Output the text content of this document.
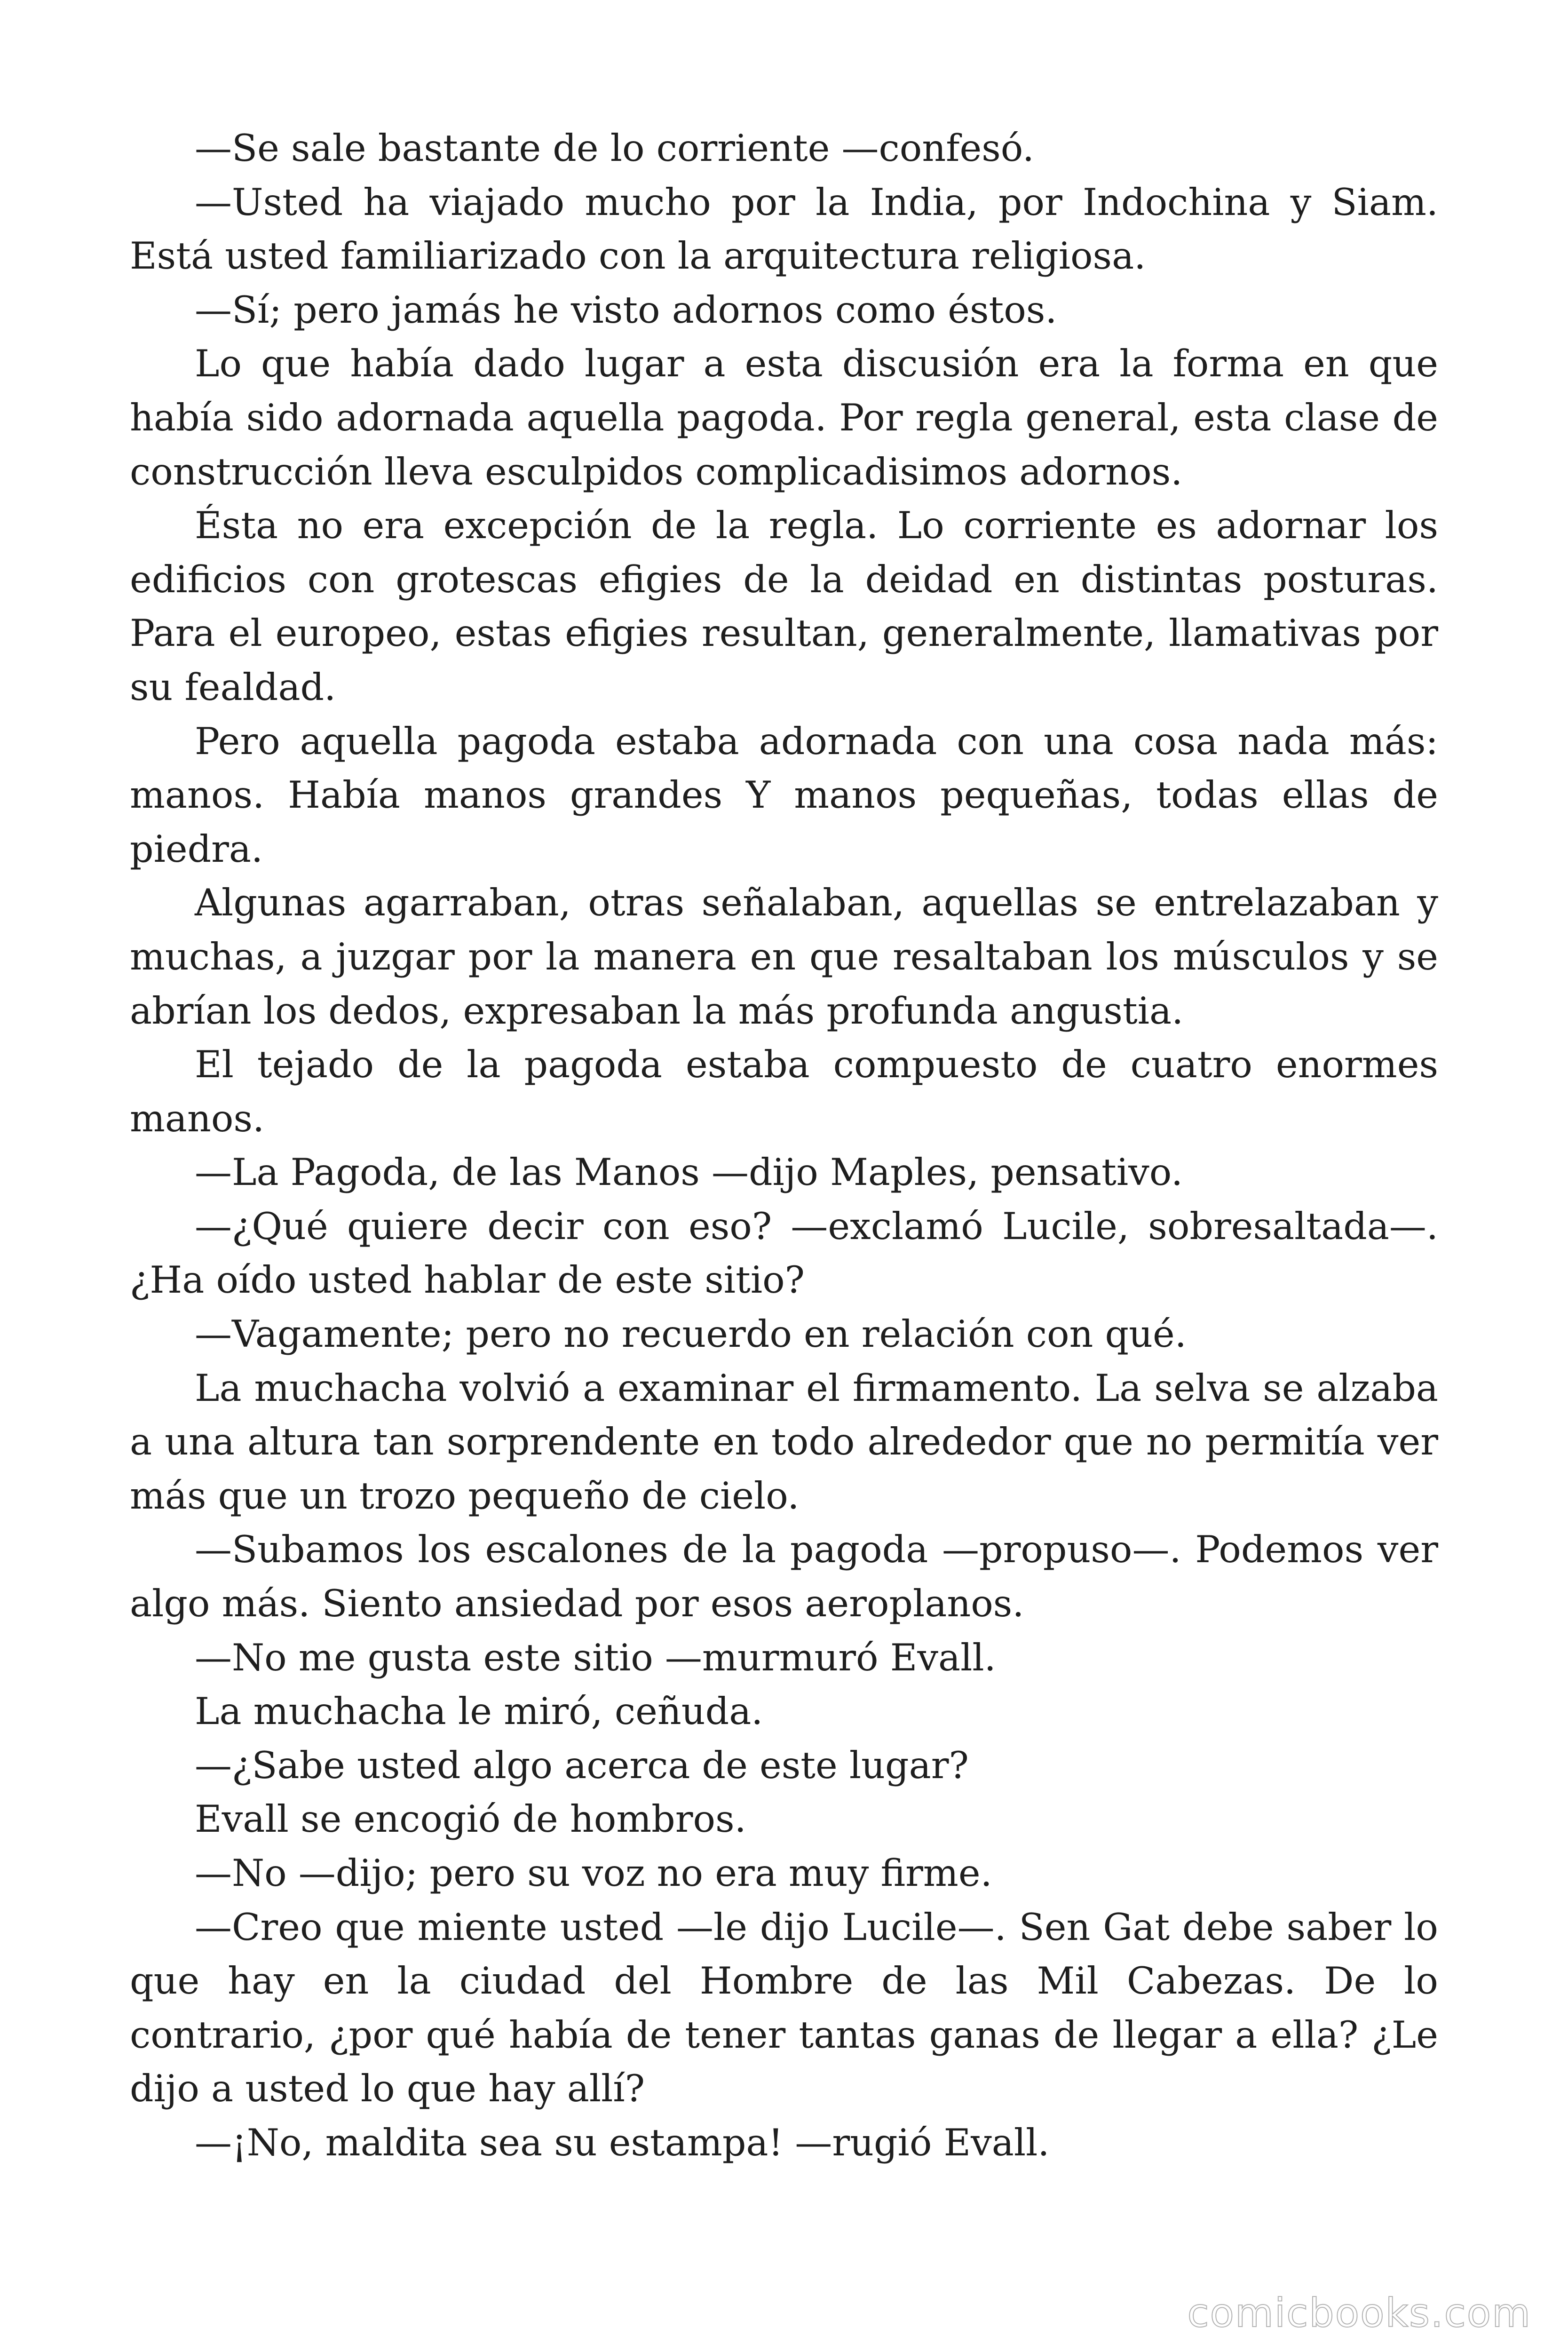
—Se sale bastante de lo corriente —confesó.

—Usted ha viajado mucho por la India, por Indochina y Siam. Está usted familiarizado con la arquitectura religiosa.

—Sí; pero jamás he visto adornos como éstos.

Lo que había dado lugar a esta discusión era la forma en que había sido adornada aquella pagoda. Por regla general, esta clase de construcción lleva esculpidos complicadisimos adornos.

Ésta no era excepción de la regla. Lo corriente es adornar los edificios con grotescas efigies de la deidad en distintas posturas. Para el europeo, estas efigies resultan, generalmente, llamativas por su fealdad.

Pero aquella pagoda estaba adornada con una cosa nada más: manos. Había manos grandes Y manos pequeñas, todas ellas de piedra.

Algunas agarraban, otras señalaban, aquellas se entrelazaban y muchas, a juzgar por la manera en que resaltaban los músculos y se abrían los dedos, expresaban la más profunda angustia.

El tejado de la pagoda estaba compuesto de cuatro enormes manos.

—La Pagoda, de las Manos —dijo Maples, pensativo.

—¿Qué quiere decir con eso? —exclamó Lucile, sobresaltada—. ¿Ha oído usted hablar de este sitio?

—Vagamente; pero no recuerdo en relación con qué.

La muchacha volvió a examinar el firmamento. La selva se alzaba a una altura tan sorprendente en todo alrededor que no permitía ver más que un trozo pequeño de cielo.

—Subamos los escalones de la pagoda —propuso—. Podemos ver algo más. Siento ansiedad por esos aeroplanos.

—No me gusta este sitio —murmuró Evall.

La muchacha le miró, ceñuda.

—¿Sabe usted algo acerca de este lugar?

Evall se encogió de hombros.

—No —dijo; pero su voz no era muy firme.

—Creo que miente usted —le dijo Lucile—. Sen Gat debe saber lo que hay en la ciudad del Hombre de las Mil Cabezas. De lo contrario, ¿por qué había de tener tantas ganas de llegar a ella? ¿Le dijo a usted lo que hay allí?

—¡No, maldita sea su estampa! —rugió Evall.

comicbooks.com
